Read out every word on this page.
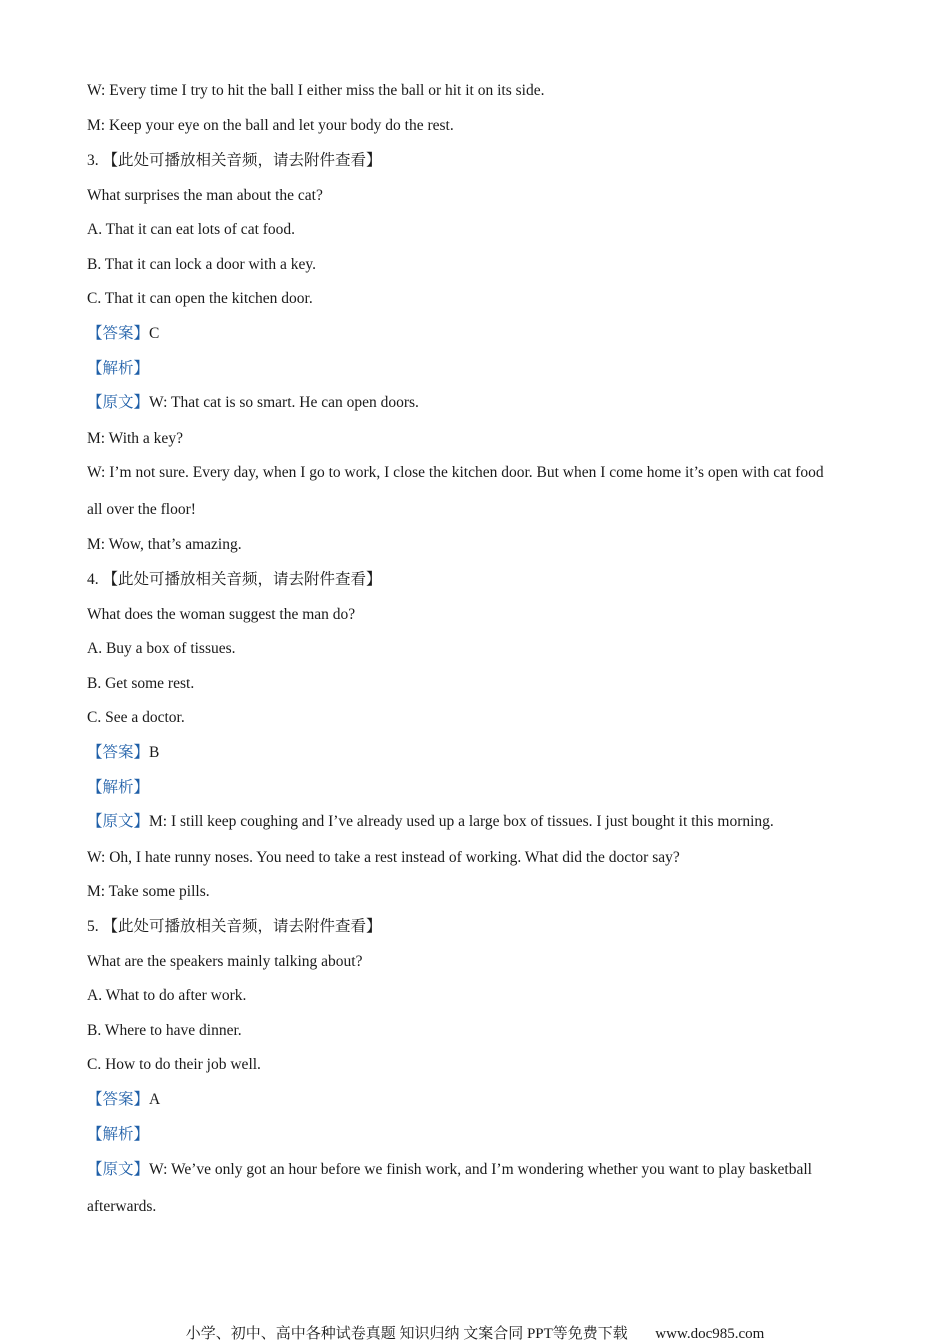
W: Every time I try to hit the ball I either miss the ball or hit it on its side.
M: Keep your eye on the ball and let your body do the rest.
3. 【此处可播放相关音频，请去附件查看】
What surprises the man about the cat?
A. That it can eat lots of cat food.
B. That it can lock a door with a key.
C. That it can open the kitchen door.
【答案】C
【解析】
【原文】W: That cat is so smart. He can open doors.
M: With a key?
W: I’m not sure. Every day, when I go to work, I close the kitchen door. But when I come home it’s open with cat food
all over the floor!
M: Wow, that’s amazing.
4. 【此处可播放相关音频，请去附件查看】
What does the woman suggest the man do?
A. Buy a box of tissues.
B. Get some rest.
C. See a doctor.
【答案】B
【解析】
【原文】M: I still keep coughing and I’ve already used up a large box of tissues. I just bought it this morning.
W: Oh, I hate runny noses. You need to take a rest instead of working. What did the doctor say?
M: Take some pills.
5. 【此处可播放相关音频，请去附件查看】
What are the speakers mainly talking about?
A. What to do after work.
B. Where to have dinner.
C. How to do their job well.
【答案】A
【解析】
【原文】W: We’ve only got an hour before we finish work, and I’m wondering whether you want to play basketball
afterwards.
小学、初中、高中各种试卷真题 知识归纳 文案合同 PPT等免费下载 www.doc985.com
